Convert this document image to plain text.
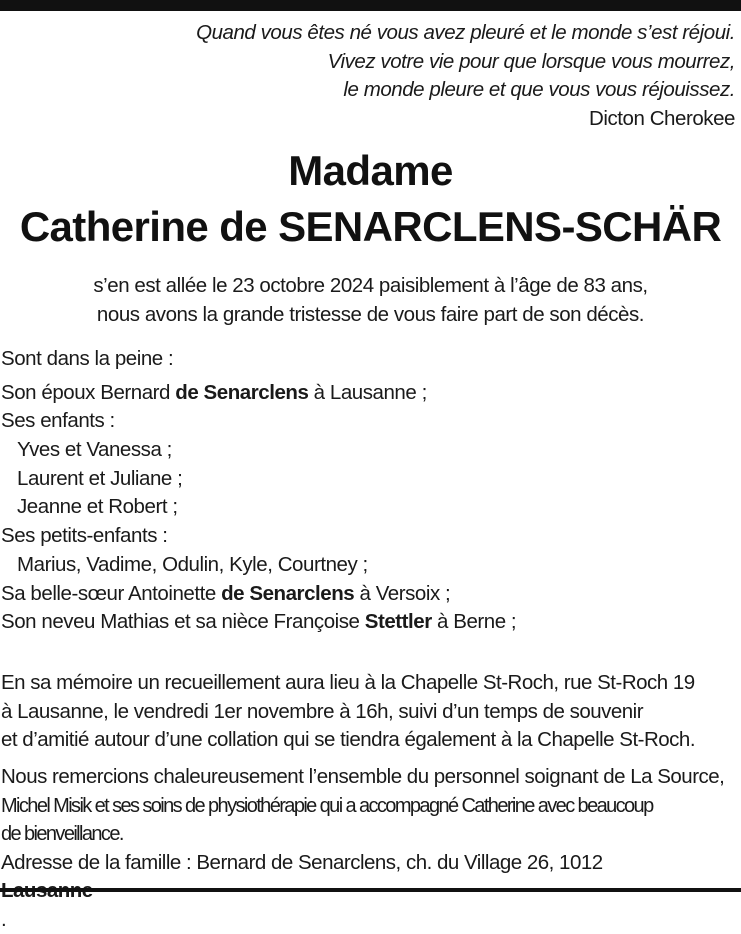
Quand vous êtes né vous avez pleuré et le monde s’est réjoui.
Vivez votre vie pour que lorsque vous mourrez,
le monde pleure et que vous vous réjouissez.
Dicton Cherokee
Madame
Catherine de SENARCLENS-SCHÄR
s’en est allée le 23 octobre 2024 paisiblement à l’âge de 83 ans,
nous avons la grande tristesse de vous faire part de son décès.
Sont dans la peine :
Son époux Bernard de Senarclens à Lausanne ;
Ses enfants :
Yves et Vanessa ;
Laurent et Juliane ;
Jeanne et Robert ;
Ses petits-enfants :
Marius, Vadime, Odulin, Kyle, Courtney ;
Sa belle-sœur Antoinette de Senarclens à Versoix ;
Son neveu Mathias et sa nièce Françoise Stettler à Berne ;
En sa mémoire un recueillement aura lieu à la Chapelle St-Roch, rue St-Roch 19
à Lausanne, le vendredi 1er novembre à 16h, suivi d’un temps de souvenir
et d’amitié autour d’une collation qui se tiendra également à la Chapelle St-Roch.
Nous remercions chaleureusement l’ensemble du personnel soignant de La Source,
Michel Misik et ses soins de physiothérapie qui a accompagné Catherine avec beaucoup
de bienveillance.
Adresse de la famille : Bernard de Senarclens, ch. du Village 26, 1012
.
